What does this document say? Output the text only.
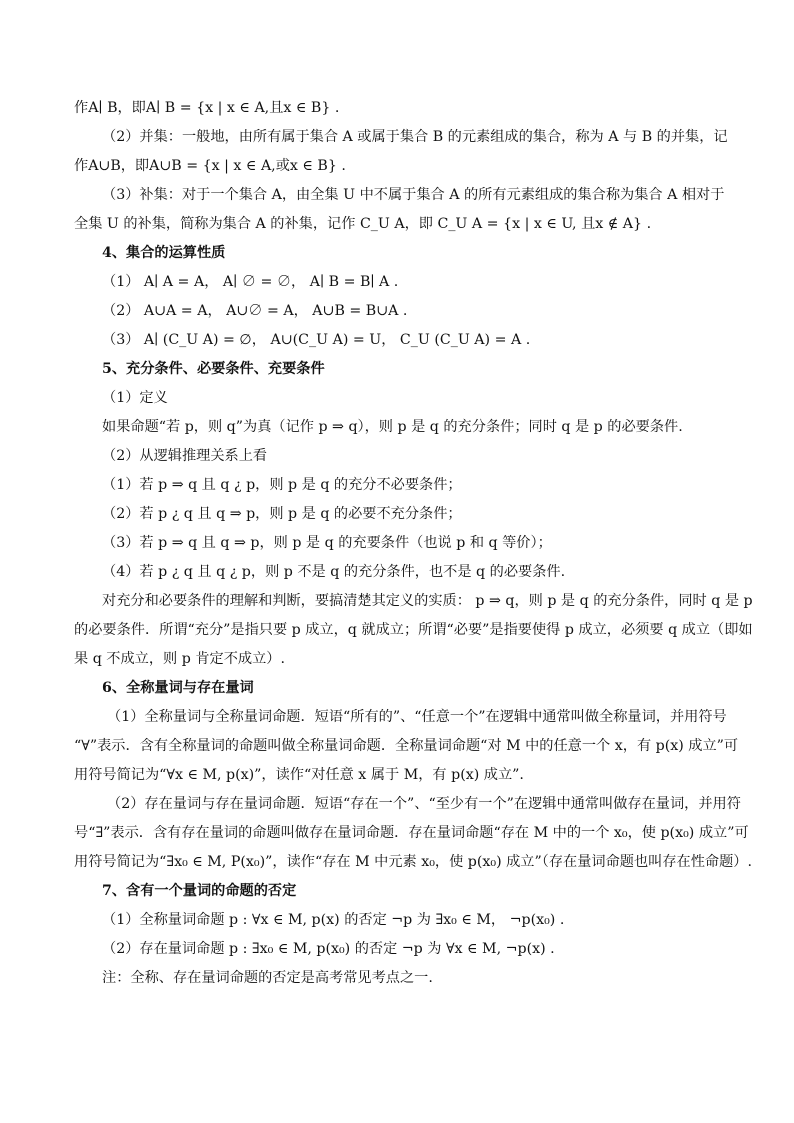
作A∣ B，即A∣ B = {x | x ∈ A,且x ∈ B} .
（2）并集：一般地，由所有属于集合 A 或属于集合 B 的元素组成的集合，称为 A 与 B 的并集，记
作A∪B，即A∪B = {x | x ∈ A,或x ∈ B} .
（3）补集：对于一个集合 A，由全集 U 中不属于集合 A 的所有元素组成的集合称为集合 A 相对于
全集 U 的补集，简称为集合 A 的补集，记作 C_U A，即 C_U A = {x | x ∈ U, 且x ∉ A} .
4、集合的运算性质
（1） A∣ A = A， A∣ ∅ = ∅， A∣ B = B∣ A .
（2） A∪A = A， A∪∅ = A， A∪B = B∪A .
（3） A∣ (C_U A) = ∅， A∪(C_U A) = U， C_U (C_U A) = A .
5、充分条件、必要条件、充要条件
（1）定义
如果命题“若 p，则 q”为真（记作 p ⇒ q），则 p 是 q 的充分条件；同时 q 是 p 的必要条件.
（2）从逻辑推理关系上看
（1）若 p ⇒ q 且 q ¿ p，则 p 是 q 的充分不必要条件；
（2）若 p ¿ q 且 q ⇒ p，则 p 是 q 的必要不充分条件；
（3）若 p ⇒ q 且 q ⇒ p，则 p 是 q 的充要条件（也说 p 和 q 等价）；
（4）若 p ¿ q 且 q ¿ p，则 p 不是 q 的充分条件，也不是 q 的必要条件.
对充分和必要条件的理解和判断，要搞清楚其定义的实质： p ⇒ q，则 p 是 q 的充分条件，同时 q 是 p
的必要条件．所谓“充分”是指只要 p 成立，q 就成立；所谓“必要”是指要使得 p 成立，必须要 q 成立（即如
果 q 不成立，则 p 肯定不成立）.
6、全称量词与存在量词
（1）全称量词与全称量词命题．短语“所有的”、“任意一个”在逻辑中通常叫做全称量词，并用符号
“∀”表示．含有全称量词的命题叫做全称量词命题．全称量词命题“对 M 中的任意一个 x，有 p(x) 成立”可
用符号简记为“∀x ∈ M, p(x)”，读作“对任意 x 属于 M，有 p(x) 成立”.
（2）存在量词与存在量词命题．短语“存在一个”、“至少有一个”在逻辑中通常叫做存在量词，并用符
号“∃”表示．含有存在量词的命题叫做存在量词命题．存在量词命题“存在 M 中的一个 x₀，使 p(x₀) 成立”可
用符号简记为“∃x₀ ∈ M, P(x₀)”，读作“存在 M 中元素 x₀，使 p(x₀) 成立”（存在量词命题也叫存在性命题）.
7、含有一个量词的命题的否定
（1）全称量词命题 p : ∀x ∈ M, p(x) 的否定 ¬p 为 ∃x₀ ∈ M， ¬p(x₀) .
（2）存在量词命题 p : ∃x₀ ∈ M, p(x₀) 的否定 ¬p 为 ∀x ∈ M, ¬p(x) .
注：全称、存在量词命题的否定是高考常见考点之一.
